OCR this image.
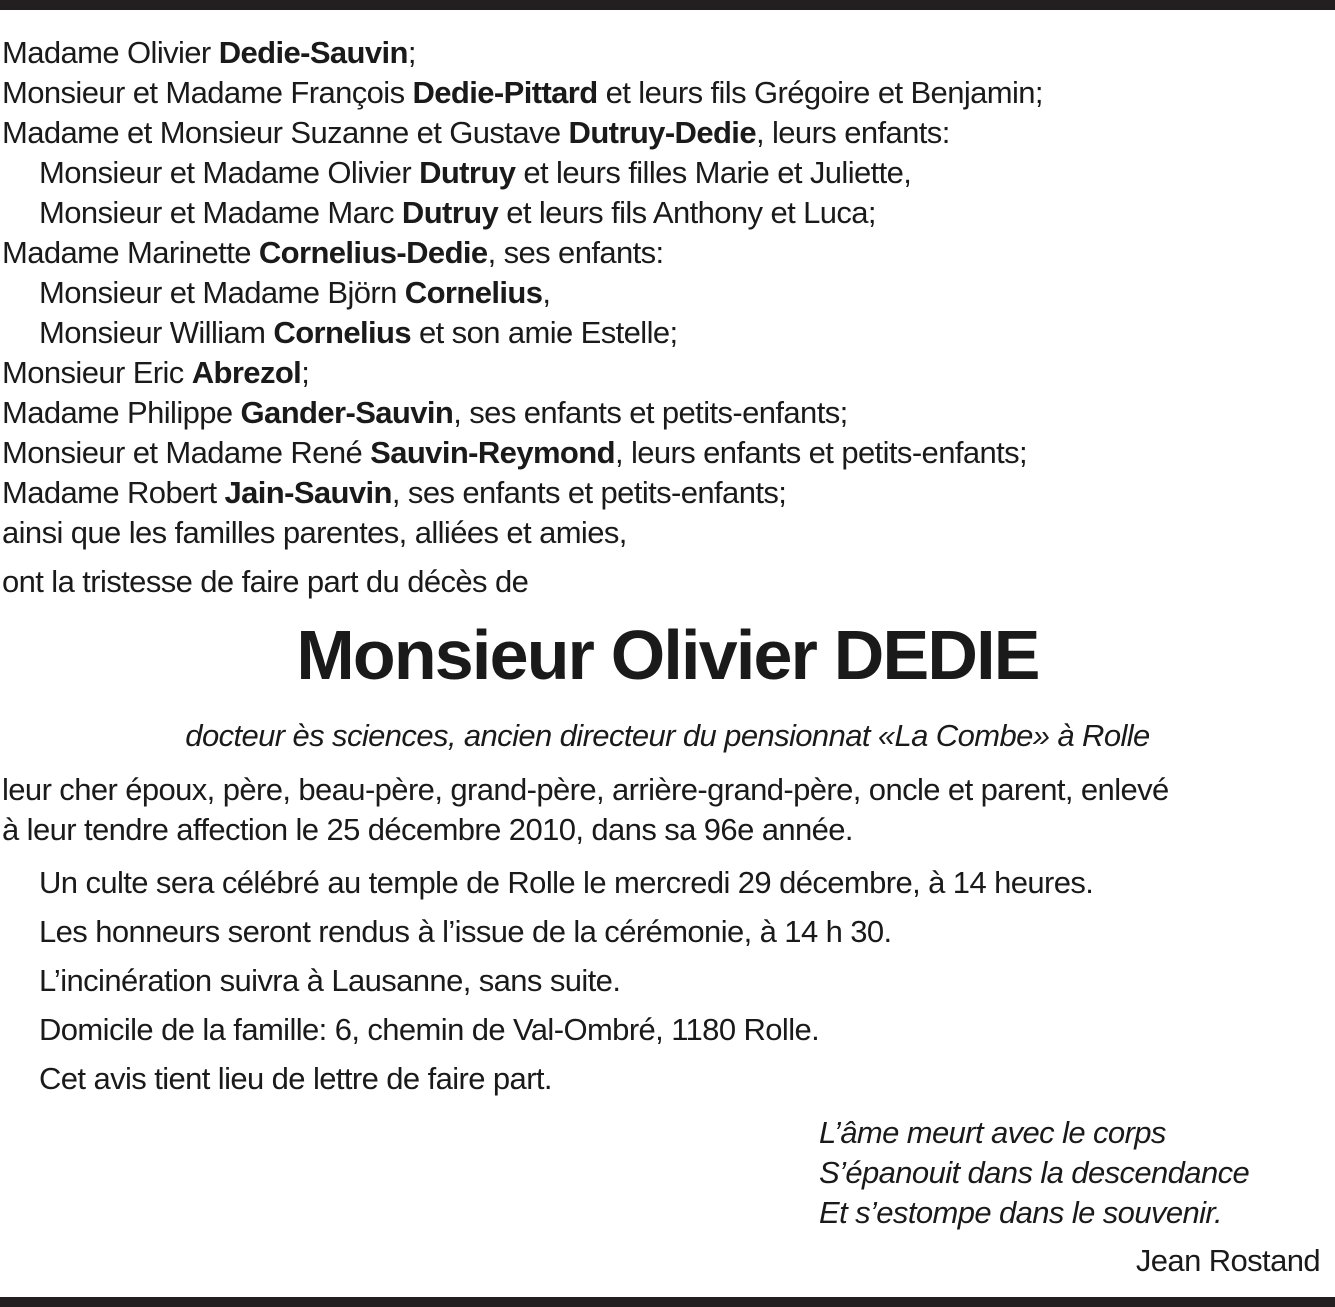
Madame Olivier Dedie-Sauvin;
Monsieur et Madame François Dedie-Pittard et leurs fils Grégoire et Benjamin;
Madame et Monsieur Suzanne et Gustave Dutruy-Dedie, leurs enfants:
Monsieur et Madame Olivier Dutruy et leurs filles Marie et Juliette,
Monsieur et Madame Marc Dutruy et leurs fils Anthony et Luca;
Madame Marinette Cornelius-Dedie, ses enfants:
Monsieur et Madame Björn Cornelius,
Monsieur William Cornelius et son amie Estelle;
Monsieur Eric Abrezol;
Madame Philippe Gander-Sauvin, ses enfants et petits-enfants;
Monsieur et Madame René Sauvin-Reymond, leurs enfants et petits-enfants;
Madame Robert Jain-Sauvin, ses enfants et petits-enfants;
ainsi que les familles parentes, alliées et amies,
ont la tristesse de faire part du décès de
Monsieur Olivier DEDIE
docteur ès sciences, ancien directeur du pensionnat «La Combe» à Rolle
leur cher époux, père, beau-père, grand-père, arrière-grand-père, oncle et parent, enlevé
à leur tendre affection le 25 décembre 2010, dans sa 96e année.
Un culte sera célébré au temple de Rolle le mercredi 29 décembre, à 14 heures.
Les honneurs seront rendus à l’issue de la cérémonie, à 14 h 30.
L’incinération suivra à Lausanne, sans suite.
Domicile de la famille: 6, chemin de Val-Ombré, 1180 Rolle.
Cet avis tient lieu de lettre de faire part.
L’âme meurt avec le corps
S’épanouit dans la descendance
Et s’estompe dans le souvenir.
Jean Rostand
